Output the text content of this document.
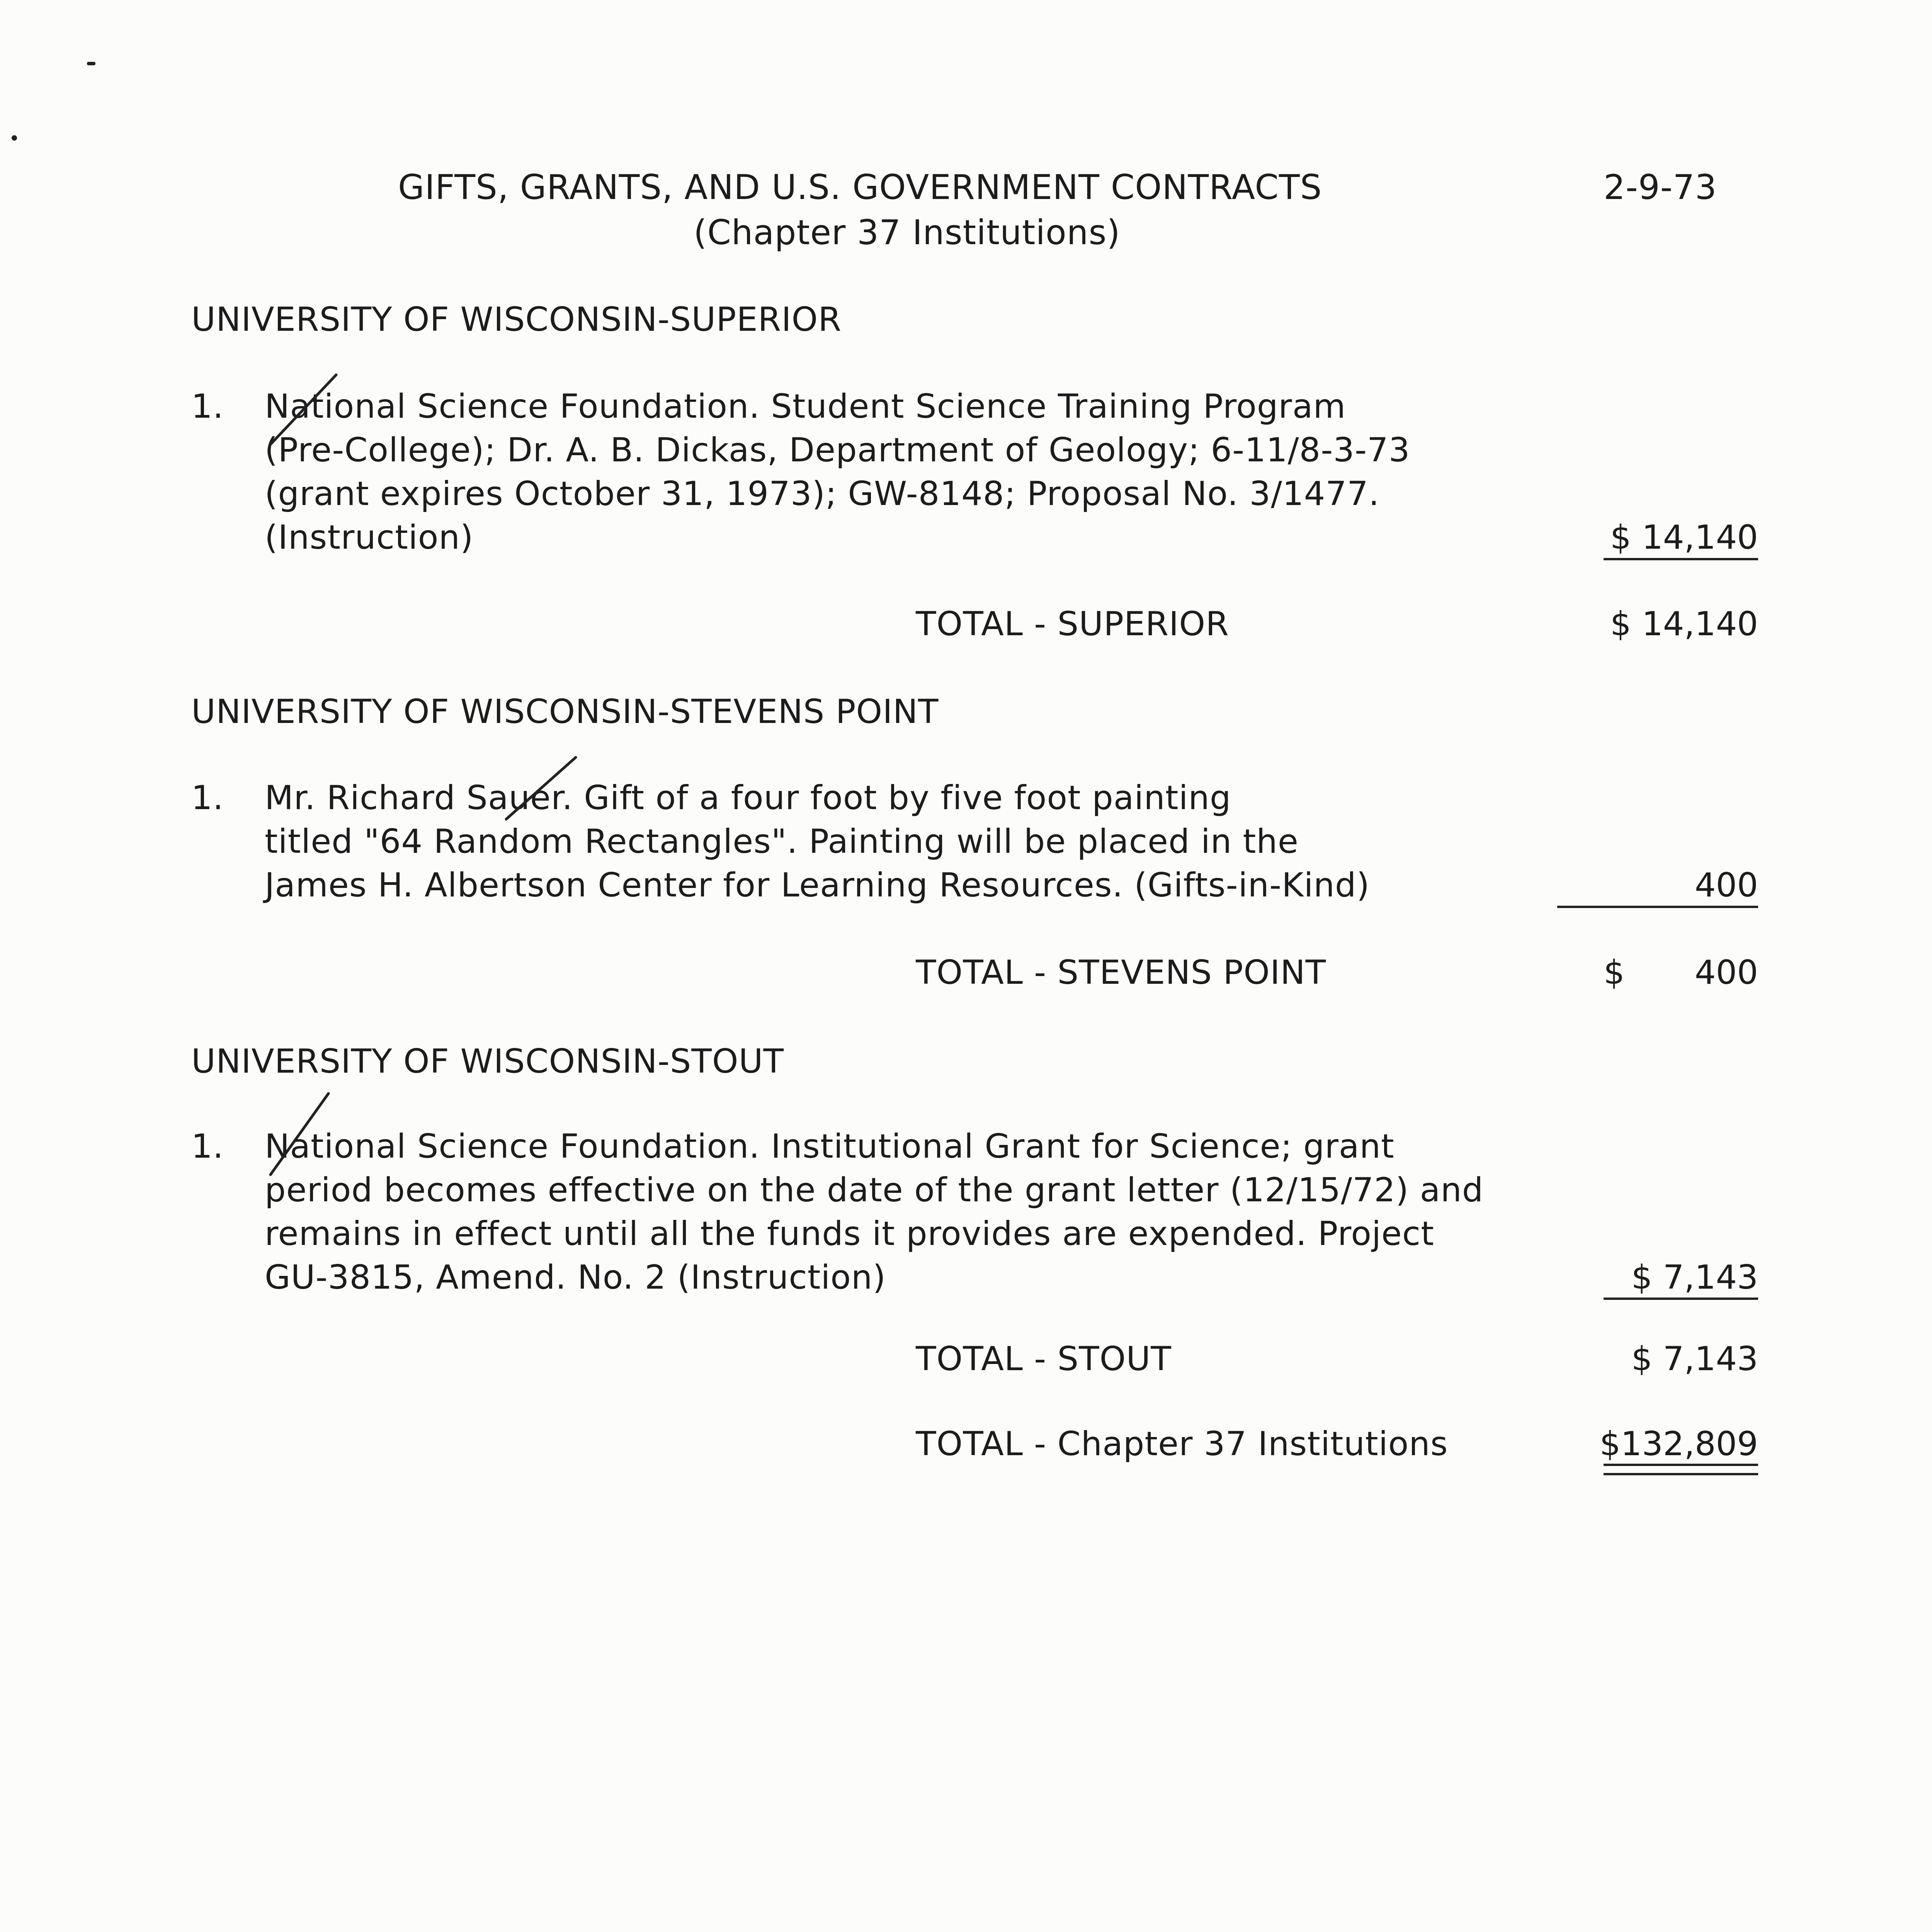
GIFTS, GRANTS, AND U.S. GOVERNMENT CONTRACTS
(Chapter 37 Institutions)
2-9-73
UNIVERSITY OF WISCONSIN-SUPERIOR
1. National Science Foundation. Student Science Training Program
(Pre-College); Dr. A. B. Dickas, Department of Geology; 6-11/8-3-73
(grant expires October 31, 1973); GW-8148; Proposal No. 3/1477.
(Instruction)	$ 14,140
TOTAL - SUPERIOR	$ 14,140
UNIVERSITY OF WISCONSIN-STEVENS POINT
1. Mr. Richard Sauer. Gift of a four foot by five foot painting
titled "64 Random Rectangles". Painting will be placed in the
James H. Albertson Center for Learning Resources. (Gifts-in-Kind)	400
TOTAL - STEVENS POINT	$	400
UNIVERSITY OF WISCONSIN-STOUT
1. National Science Foundation. Institutional Grant for Science; grant
period becomes effective on the date of the grant letter (12/15/72) and
remains in effect until all the funds it provides are expended. Project
GU-3815, Amend. No. 2 (Instruction)	$ 7,143
TOTAL - STOUT	$ 7,143
TOTAL - Chapter 37 Institutions	$132,809
